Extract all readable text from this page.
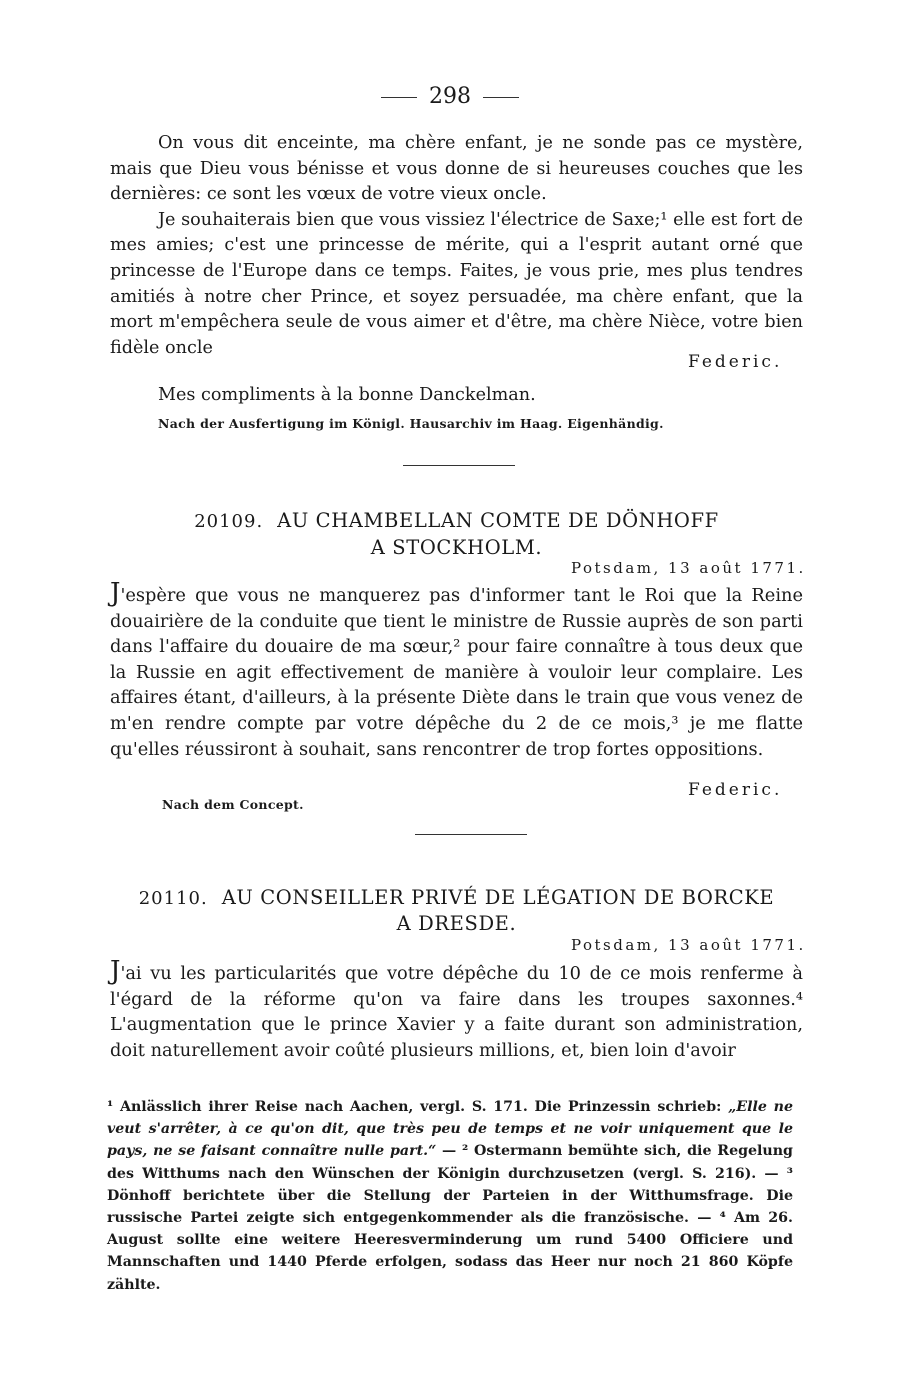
298

On vous dit enceinte, ma chère enfant, je ne sonde pas ce mystère, mais que Dieu vous bénisse et vous donne de si heureuses couches que les dernières: ce sont les vœux de votre vieux oncle.

Je souhaiterais bien que vous vissiez l'électrice de Saxe;¹ elle est fort de mes amies; c'est une princesse de mérite, qui a l'esprit autant orné que princesse de l'Europe dans ce temps. Faites, je vous prie, mes plus tendres amitiés à notre cher Prince, et soyez persuadée, ma chère enfant, que la mort m'empêchera seule de vous aimer et d'être, ma chère Nièce, votre bien fidèle oncle

Federic.

Mes compliments à la bonne Danckelman.

Nach der Ausfertigung im Königl. Hausarchiv im Haag. Eigenhändig.
20109. AU CHAMBELLAN COMTE DE DÖNHOFF
A STOCKHOLM.
Potsdam, 13 août 1771.
J'espère que vous ne manquerez pas d'informer tant le Roi que la Reine douairière de la conduite que tient le ministre de Russie auprès de son parti dans l'affaire du douaire de ma sœur,² pour faire connaître à tous deux que la Russie en agit effectivement de manière à vouloir leur complaire. Les affaires étant, d'ailleurs, à la présente Diète dans le train que vous venez de m'en rendre compte par votre dépêche du 2 de ce mois,³ je me flatte qu'elles réussiront à souhait, sans rencontrer de trop fortes oppositions.
Federic.
Nach dem Concept.
20110. AU CONSEILLER PRIVÉ DE LÉGATION DE BORCKE
A DRESDE.
Potsdam, 13 août 1771.
J'ai vu les particularités que votre dépêche du 10 de ce mois renferme à l'égard de la réforme qu'on va faire dans les troupes saxonnes.⁴ L'augmentation que le prince Xavier y a faite durant son administration, doit naturellement avoir coûté plusieurs millions, et, bien loin d'avoir
¹ Anlässlich ihrer Reise nach Aachen, vergl. S. 171. Die Prinzessin schrieb: „Elle ne veut s'arrêter, à ce qu'on dit, que très peu de temps et ne voir uniquement que le pays, ne se faisant connaître nulle part.“ — ² Ostermann bemühte sich, die Regelung des Witthums nach den Wünschen der Königin durchzusetzen (vergl. S. 216). — ³ Dönhoff berichtete über die Stellung der Parteien in der Witthumsfrage. Die russische Partei zeigte sich entgegenkommender als die französische. — ⁴ Am 26. August sollte eine weitere Heeresverminderung um rund 5400 Officiere und Mannschaften und 1440 Pferde erfolgen, sodass das Heer nur noch 21 860 Köpfe zählte.
